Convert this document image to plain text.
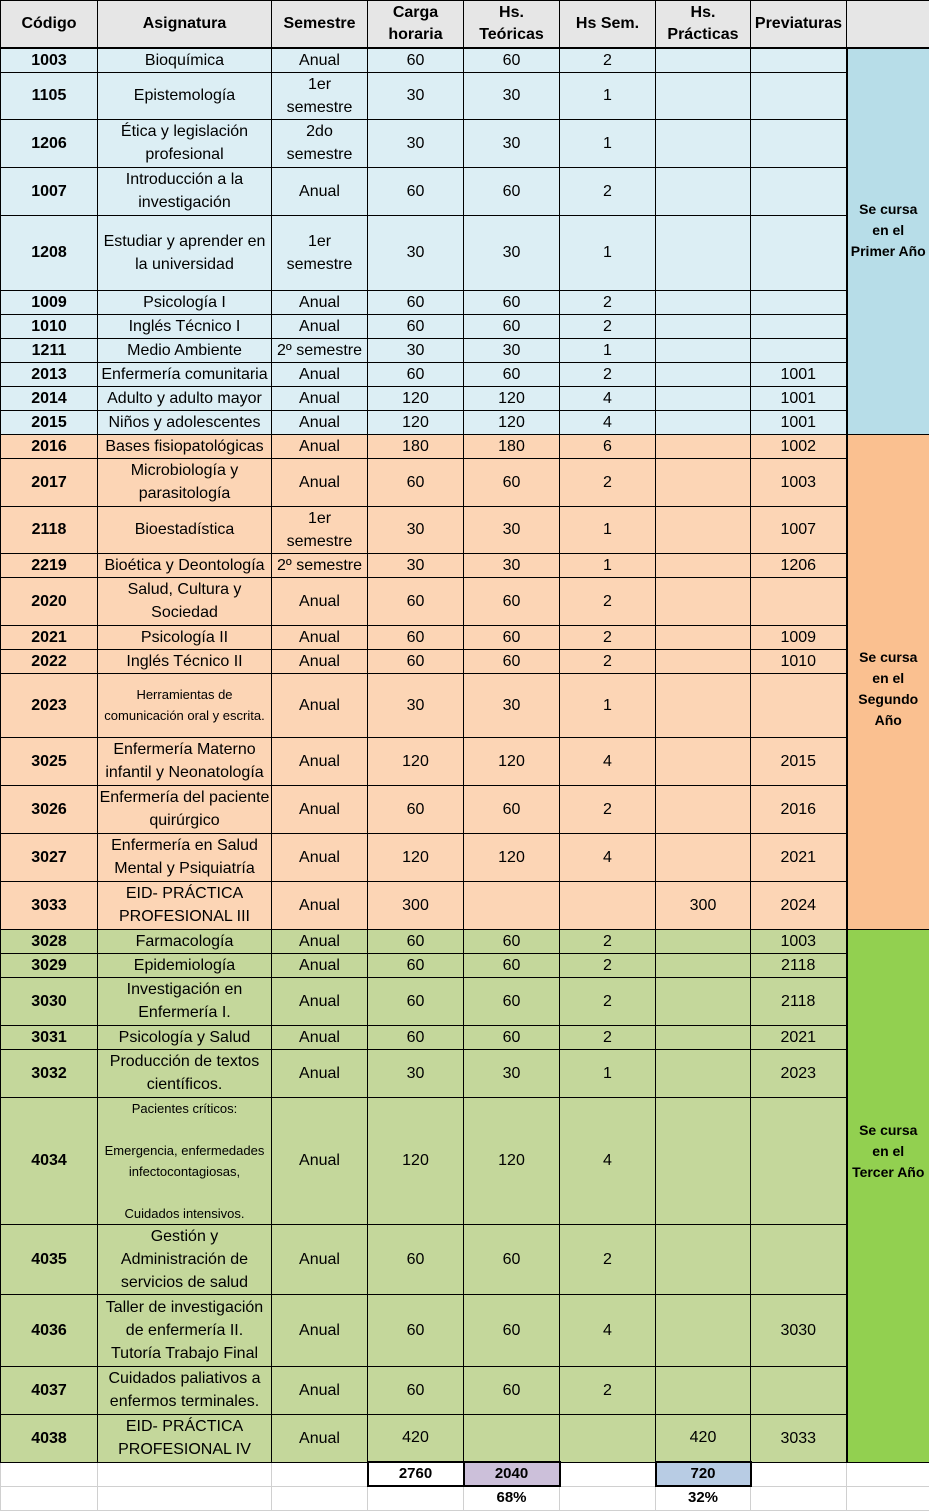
Código	Asignatura	Semestre	Carga horaria	Hs. Teóricas	Hs Sem.	Hs. Prácticas	Previaturas	
1003	Bioquímica	Anual	60	60	2			Se cursa en el Primer Año
1105	Epistemología	1er semestre	30	30	1			
1206	Ética y legislación profesional	2do semestre	30	30	1			
1007	Introducción a la investigación	Anual	60	60	2			
1208	Estudiar y aprender en la universidad	1er semestre	30	30	1			
1009	Psicología I	Anual	60	60	2			
1010	Inglés Técnico I	Anual	60	60	2			
1211	Medio Ambiente	2º semestre	30	30	1			
2013	Enfermería comunitaria	Anual	60	60	2		1001	
2014	Adulto y adulto mayor	Anual	120	120	4		1001	
2015	Niños y adolescentes	Anual	120	120	4		1001	
2016	Bases fisiopatológicas	Anual	180	180	6		1002	Se cursa en el Segundo Año
2017	Microbiología y parasitología	Anual	60	60	2		1003	
2118	Bioestadística	1er semestre	30	30	1		1007	
2219	Bioética y Deontología	2º semestre	30	30	1		1206	
2020	Salud, Cultura y Sociedad	Anual	60	60	2			
2021	Psicología II	Anual	60	60	2		1009	
2022	Inglés Técnico II	Anual	60	60	2		1010	
2023	Herramientas de comunicación oral y escrita.	Anual	30	30	1			
3025	Enfermería Materno infantil y Neonatología	Anual	120	120	4		2015	
3026	Enfermería del paciente quirúrgico	Anual	60	60	2		2016	
3027	Enfermería en Salud Mental y Psiquiatría	Anual	120	120	4		2021	
3033	EID- PRÁCTICA PROFESIONAL III	Anual	300			300	2024	
3028	Farmacología	Anual	60	60	2		1003	Se cursa en el Tercer Año
3029	Epidemiología	Anual	60	60	2		2118	
3030	Investigación en Enfermería I.	Anual	60	60	2		2118	
3031	Psicología y Salud	Anual	60	60	2		2021	
3032	Producción de textos científicos.	Anual	30	30	1		2023	
4034	Pacientes críticos:
Emergencia, enfermedades infectocontagiosas,
Cuidados intensivos.	Anual	120	120	4			
4035	Gestión y Administración de servicios de salud	Anual	60	60	2			
4036	Taller de investigación de enfermería II. Tutoría Trabajo Final	Anual	60	60	4		3030	
4037	Cuidados paliativos a enfermos terminales.	Anual	60	60	2			
4038	EID- PRÁCTICA PROFESIONAL IV	Anual	420			420	3033	
			2760	2040		720		
				68%		32%		
